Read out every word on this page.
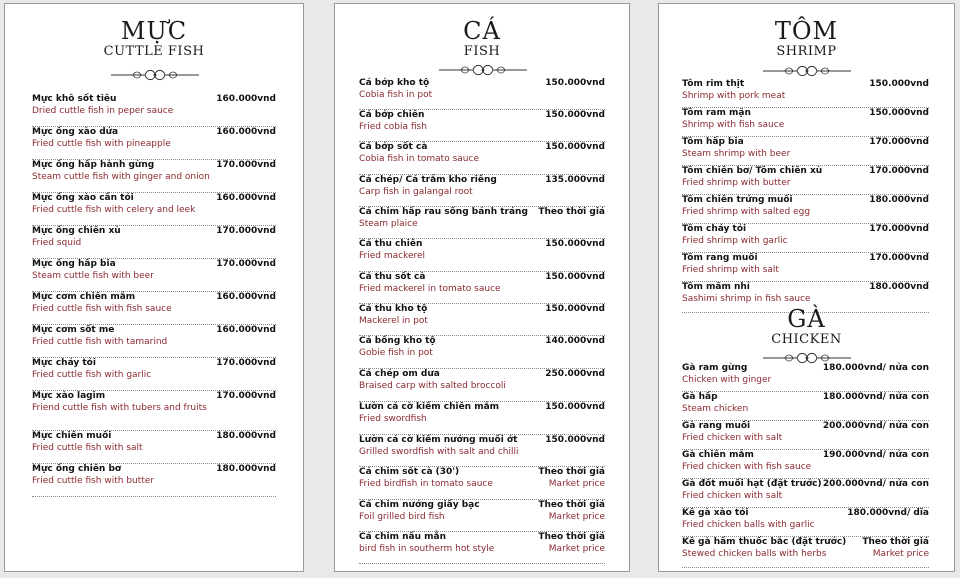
MỰC
CUTTLE FISH
Mực khô sốt tiêu
Dried cuttle fish in peper sauce
160.000vnd
Mực ống xào dứa
Fried cuttle fish with pineapple
160.000vnd
Mực ống hấp hành gừng
Steam cuttle fish with ginger and onion
170.000vnd
Mực ống xào cần tỏi
Fried cuttle fish with celery and leek
160.000vnd
Mực ống chiên xù
Fried squid
170.000vnd
Mực ống hấp bia
Steam cuttle fish with beer
170.000vnd
Mực cơm chiên mắm
Fried cuttle fish with fish sauce
160.000vnd
Mực cơm sốt me
Fried cuttle fish with tamarind
160.000vnd
Mực cháy tỏi
Fried cuttle fish with garlic
170.000vnd
Mực xào lagim
Friend cuttle fish with tubers and fruits
170.000vnd
Mực chiên muối
Fried cuttle fish with salt
180.000vnd
Mực ống chiên bơ
Fried cuttle fish with butter
180.000vnd
CÁ
FISH
Cá bớp kho tộ
Cobia fish in pot
150.000vnd
Cá bớp chiên
Fried cobia fish
150.000vnd
Cá bớp sốt cà
Cobia fish in tomato sauce
150.000vnd
Cá chép/ Cá trắm kho riềng
Carp fish in galangal root
135.000vnd
Cá chim hấp rau sống bánh tráng
Steam plaice
Theo thời giá
Cá thu chiên
Fried mackerel
150.000vnd
Cá thu sốt cà
Fried mackerel in tomato sauce
150.000vnd
Cá thu kho tộ
Mackerel in pot
150.000vnd
Cá bống kho tộ
Gobie fish in pot
140.000vnd
Cá chép om dưa
Braised carp with salted broccoli
250.000vnd
Lườn cá cờ kiếm chiên mắm
Fried swordfish
150.000vnd
Lườn cá cờ kiếm nướng muối ớt
Grilled swordfish with salt and chilli
150.000vnd
Cá chim sốt cà (30')
Fried birdfish in tomato sauce
Theo thời giá
Market price
Cá chim nướng giấy bạc
Foil grilled bird fish
Theo thời giá
Market price
Cá chim nấu mẳn
bird fish in southerm hot style
Theo thời giá
Market price
TÔM
SHRIMP
Tôm rim thịt
Shrimp with pork meat
150.000vnd
Tôm ram mặn
Shrimp with fish sauce
150.000vnd
Tôm hấp bia
Steam shrimp with beer
170.000vnd
Tôm chiên bơ/ Tôm chiên xù
Fried shrimp with butter
170.000vnd
Tôm chiên trứng muối
Fried shrimp with salted egg
180.000vnd
Tôm cháy tỏi
Fried shrimp with garlic
170.000vnd
Tôm rang muối
Fried shrimp with salt
170.000vnd
Tôm mâm nhỉ
Sashimi shrimp in fish sauce
180.000vnd
GÀ
CHICKEN
Gà ram gừng
Chicken with ginger
180.000vnd/ nửa con
Gà hấp
Steam chicken
180.000vnd/ nửa con
Gà rang muối
Fried chicken with salt
200.000vnd/ nửa con
Gà chiên mắm
Fried chicken with fish sauce
190.000vnd/ nửa con
Gà đốt muối hạt (đặt trước)
Fried chicken with salt
200.000vnd/ nửa con
Kê gà xào tỏi
Fried chicken balls with garlic
180.000vnd/ dĩa
Kê gà hầm thuốc bắc (đặt trước)
Stewed chicken balls with herbs
Theo thời giá
Market price
